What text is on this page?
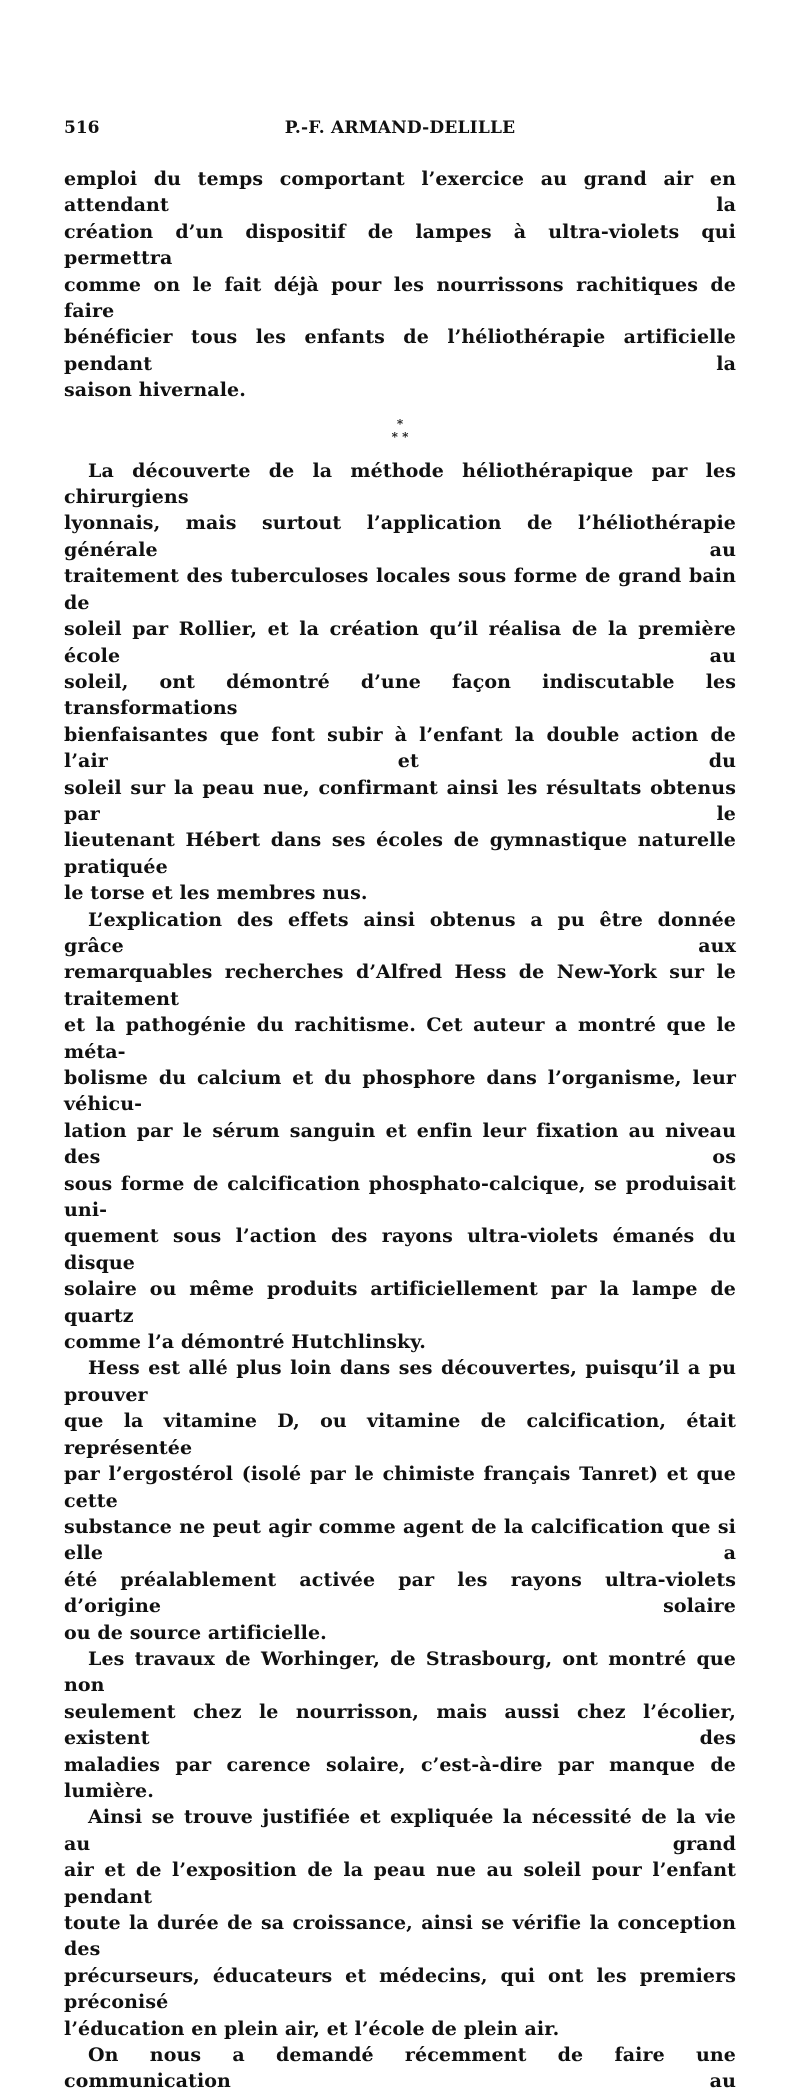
516	P.-F. ARMAND-DELILLE
emploi du temps comportant l’exercice au grand air en attendant la
création d’un dispositif de lampes à ultra-violets qui permettra
comme on le fait déjà pour les nourrissons rachitiques de faire
bénéficier tous les enfants de l’héliothérapie artificielle pendant la
saison hivernale.
*
* *
La découverte de la méthode héliothérapique par les chirurgiens
lyonnais, mais surtout l’application de l’héliothérapie générale au
traitement des tuberculoses locales sous forme de grand bain de
soleil par Rollier, et la création qu’il réalisa de la première école au
soleil, ont démontré d’une façon indiscutable les transformations
bienfaisantes que font subir à l’enfant la double action de l’air et du
soleil sur la peau nue, confirmant ainsi les résultats obtenus par le
lieutenant Hébert dans ses écoles de gymnastique naturelle pratiquée
le torse et les membres nus.
L’explication des effets ainsi obtenus a pu être donnée grâce aux
remarquables recherches d’Alfred Hess de New-York sur le traitement
et la pathogénie du rachitisme. Cet auteur a montré que le méta-
bolisme du calcium et du phosphore dans l’organisme, leur véhicu-
lation par le sérum sanguin et enfin leur fixation au niveau des os
sous forme de calcification phosphato-calcique, se produisait uni-
quement sous l’action des rayons ultra-violets émanés du disque
solaire ou même produits artificiellement par la lampe de quartz
comme l’a démontré Hutchlinsky.
Hess est allé plus loin dans ses découvertes, puisqu’il a pu prouver
que la vitamine D, ou vitamine de calcification, était représentée
par l’ergostérol (isolé par le chimiste français Tanret) et que cette
substance ne peut agir comme agent de la calcification que si elle a
été préalablement activée par les rayons ultra-violets d’origine solaire
ou de source artificielle.
Les travaux de Worhinger, de Strasbourg, ont montré que non
seulement chez le nourrisson, mais aussi chez l’écolier, existent des
maladies par carence solaire, c’est-à-dire par manque de lumière.
Ainsi se trouve justifiée et expliquée la nécessité de la vie au grand
air et de l’exposition de la peau nue au soleil pour l’enfant pendant
toute la durée de sa croissance, ainsi se vérifie la conception des
précurseurs, éducateurs et médecins, qui ont les premiers préconisé
l’éducation en plein air, et l’école de plein air.
On nous a demandé récemment de faire une communication au
